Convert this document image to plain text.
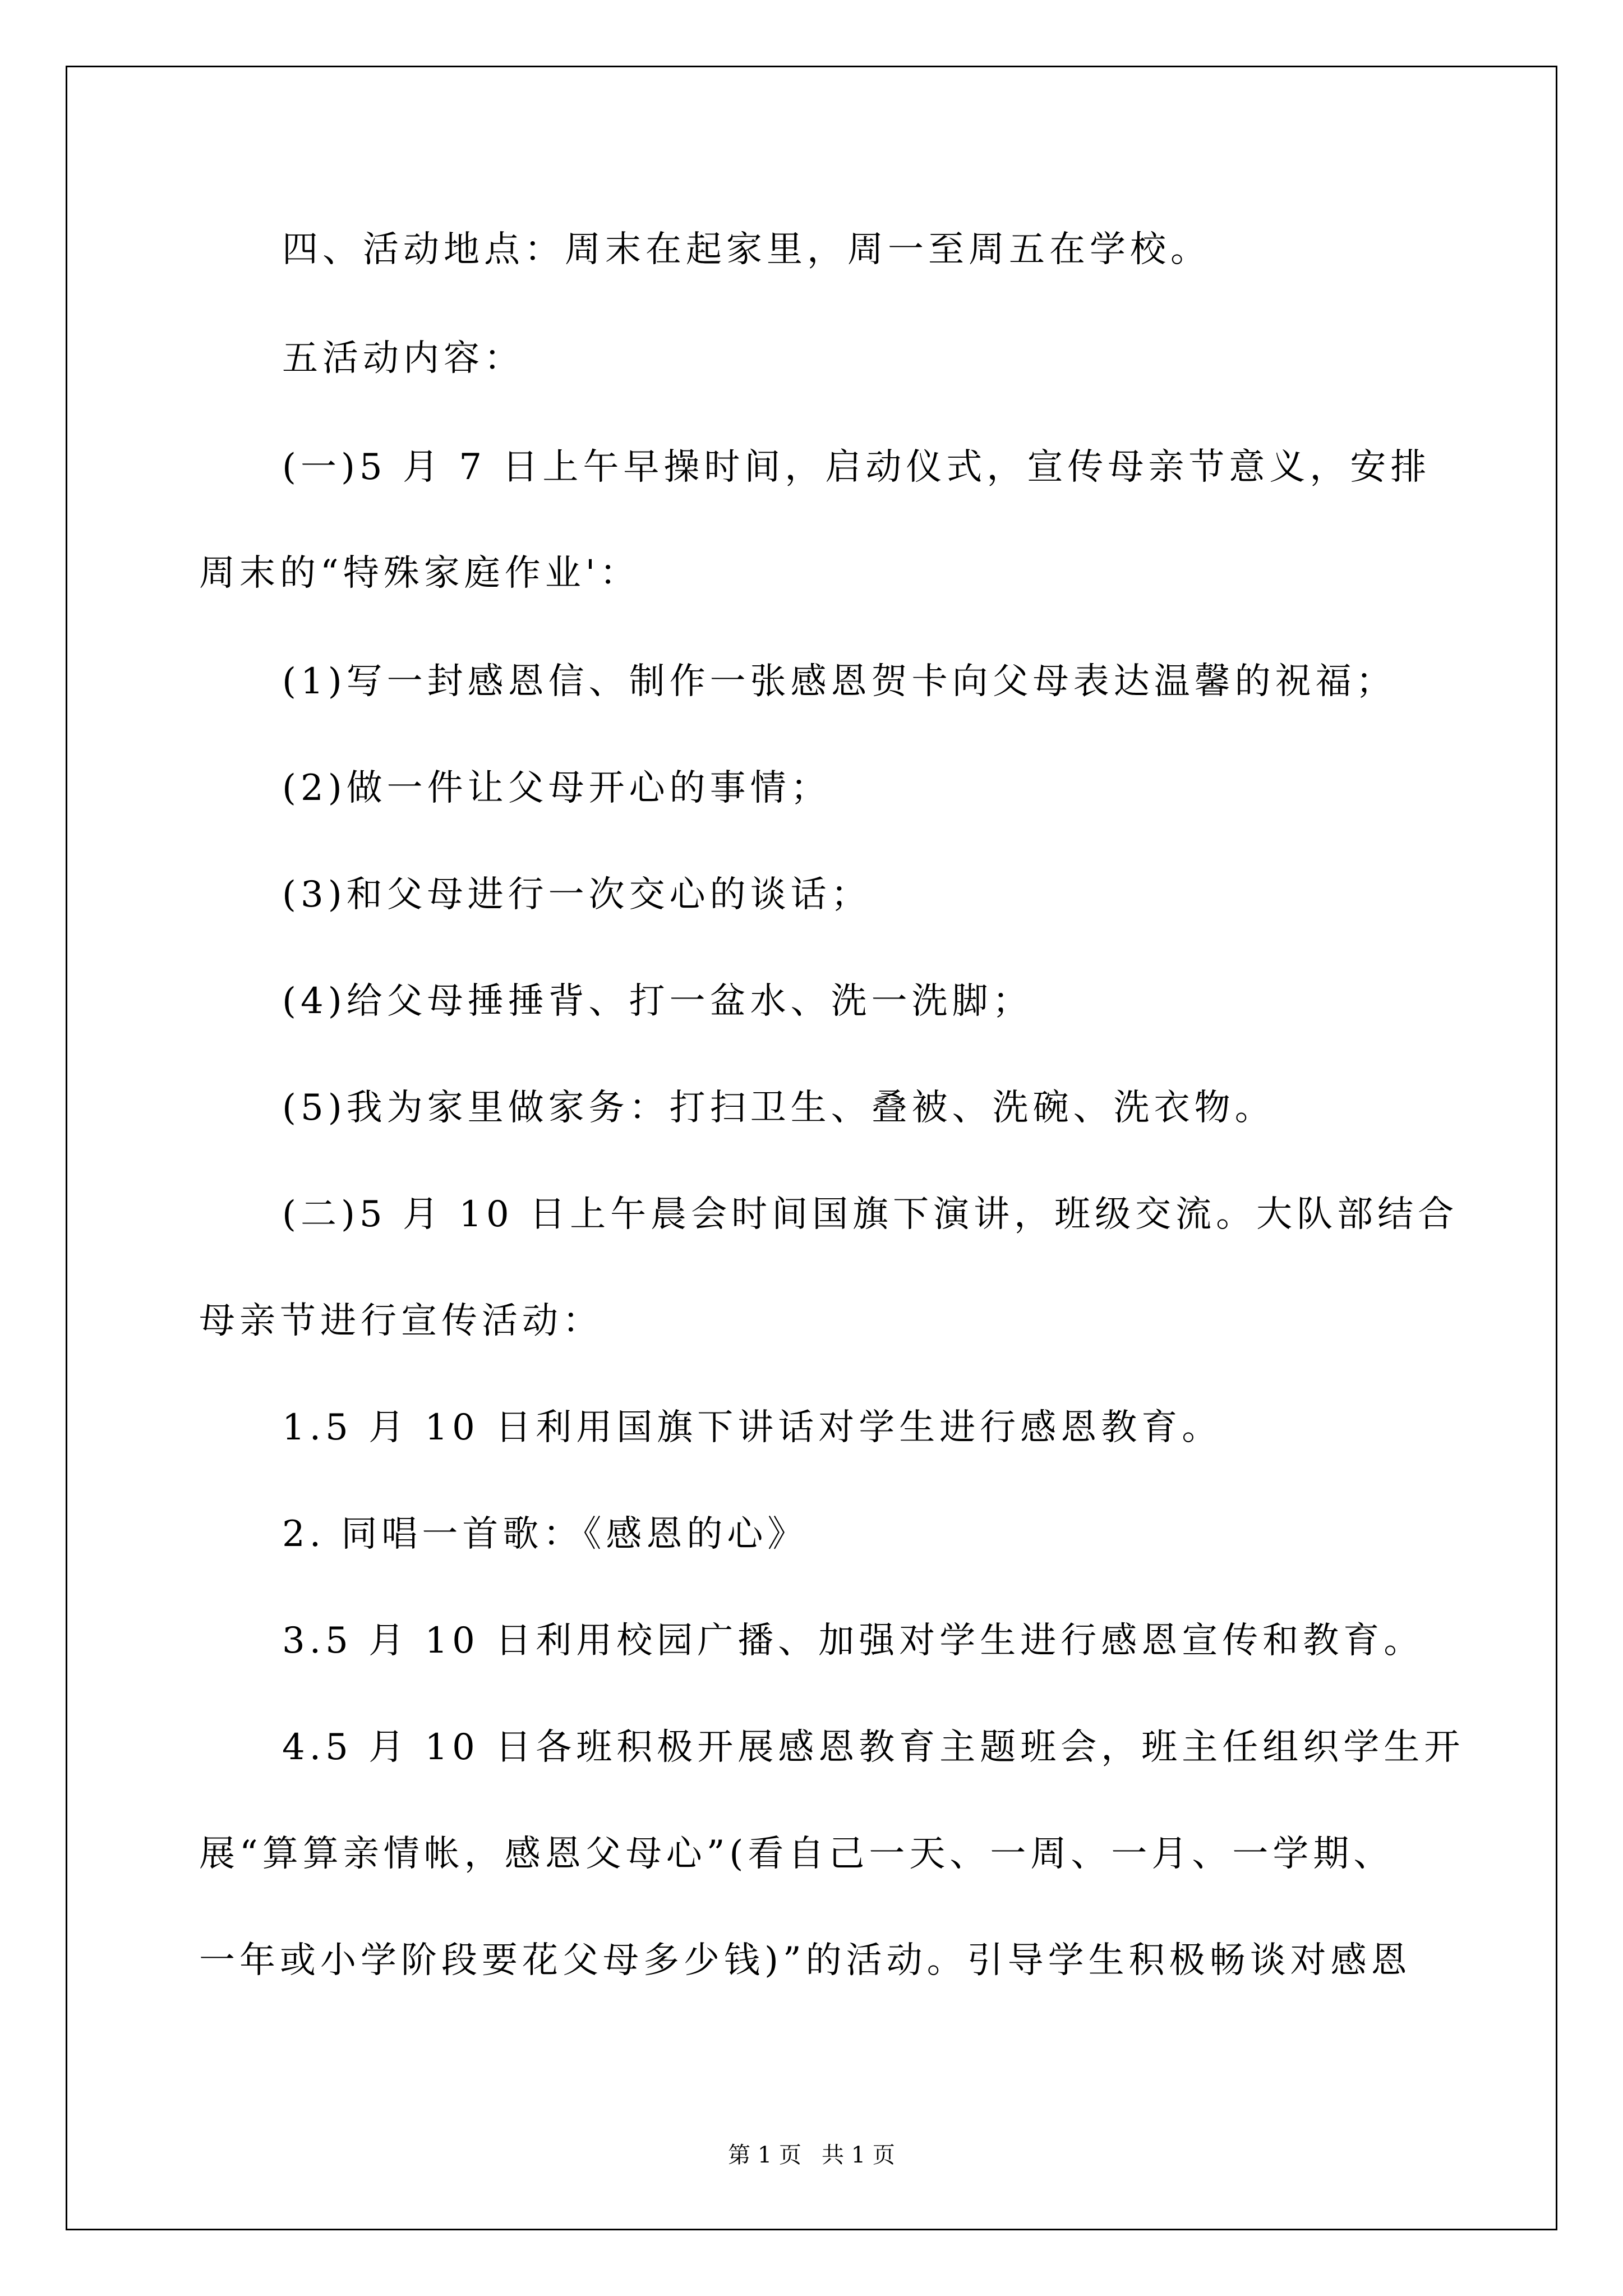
四、活动地点：周末在起家里，周一至周五在学校。

五活动内容：

(一)5 月 7 日上午早操时间，启动仪式，宣传母亲节意义，安排

周末的“特殊家庭作业'：

(1)写一封感恩信、制作一张感恩贺卡向父母表达温馨的祝福；

(2)做一件让父母开心的事情；

(3)和父母进行一次交心的谈话；

(4)给父母捶捶背、打一盆水、洗一洗脚；

(5)我为家里做家务：打扫卫生、叠被、洗碗、洗衣物。

(二)5 月 10 日上午晨会时间国旗下演讲，班级交流。大队部结合

母亲节进行宣传活动：

1.5 月 10 日利用国旗下讲话对学生进行感恩教育。

2. 同唱一首歌：《感恩的心》

3.5 月 10 日利用校园广播、加强对学生进行感恩宣传和教育。

4.5 月 10 日各班积极开展感恩教育主题班会，班主任组织学生开

展“算算亲情帐，感恩父母心”(看自己一天、一周、一月、一学期、

一年或小学阶段要花父母多少钱)”的活动。引导学生积极畅谈对感恩

第 1 页 共 1 页
